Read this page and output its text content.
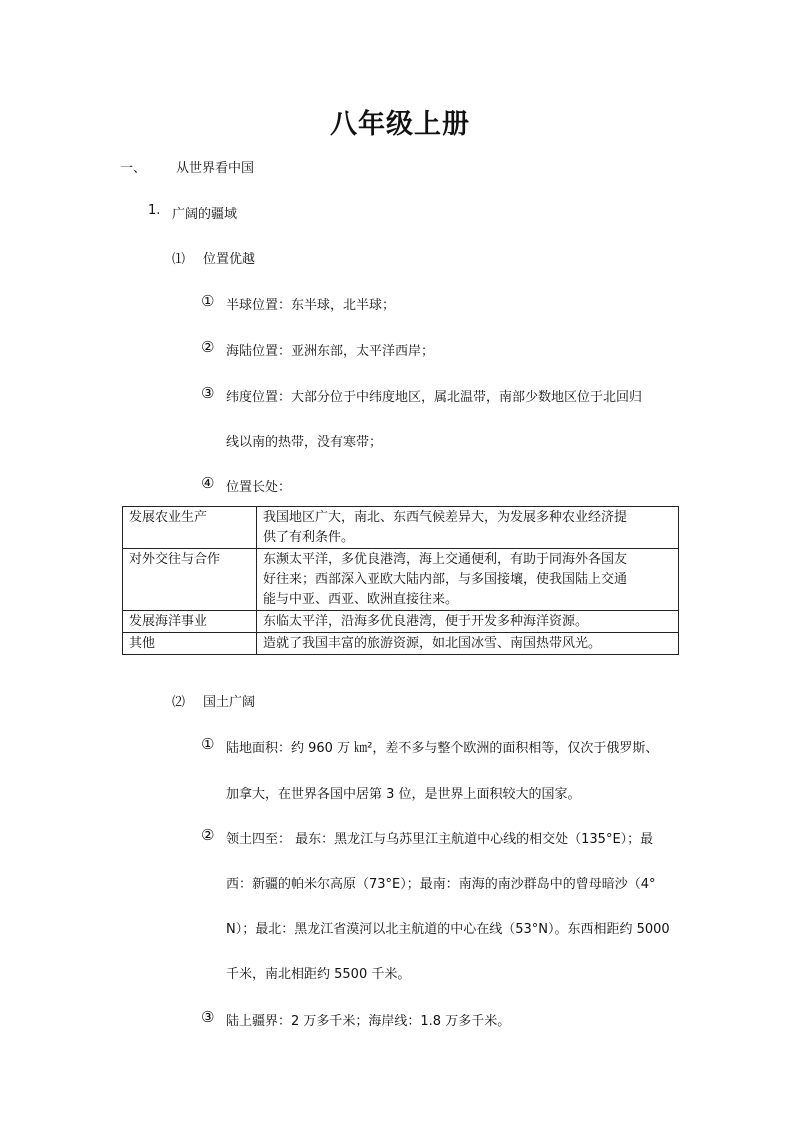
八年级上册
一、 从世界看中国
1. 广阔的疆域
⑴ 位置优越
① 半球位置：东半球，北半球；
② 海陆位置：亚洲东部，太平洋西岸；
③ 纬度位置：大部分位于中纬度地区，属北温带，南部少数地区位于北回归
线以南的热带，没有寒带；
④ 位置长处：
发展农业生产	我国地区广大，南北、东西气候差异大，为发展多种农业经济提
供了有利条件。

对外交往与合作	东濒太平洋，多优良港湾，海上交通便利，有助于同海外各国友
好往来；西部深入亚欧大陆内部，与多国接壤，使我国陆上交通
能与中亚、西亚、欧洲直接往来。

发展海洋事业	东临太平洋，沿海多优良港湾，便于开发多种海洋资源。

其他	造就了我国丰富的旅游资源，如北国冰雪、南国热带风光。
⑵ 国土广阔
① 陆地面积：约 960 万 ㎞²，差不多与整个欧洲的面积相等，仅次于俄罗斯、
加拿大，在世界各国中居第 3 位，是世界上面积较大的国家。
② 领土四至： 最东：黑龙江与乌苏里江主航道中心线的相交处（135°E）；最
西：新疆的帕米尔高原（73°E）；最南：南海的南沙群岛中的曾母暗沙（4°
N）；最北：黑龙江省漠河以北主航道的中心在线（53°N）。东西相距约 5000
千米，南北相距约 5500 千米。
③ 陆上疆界：2 万多千米；海岸线：1.8 万多千米。
